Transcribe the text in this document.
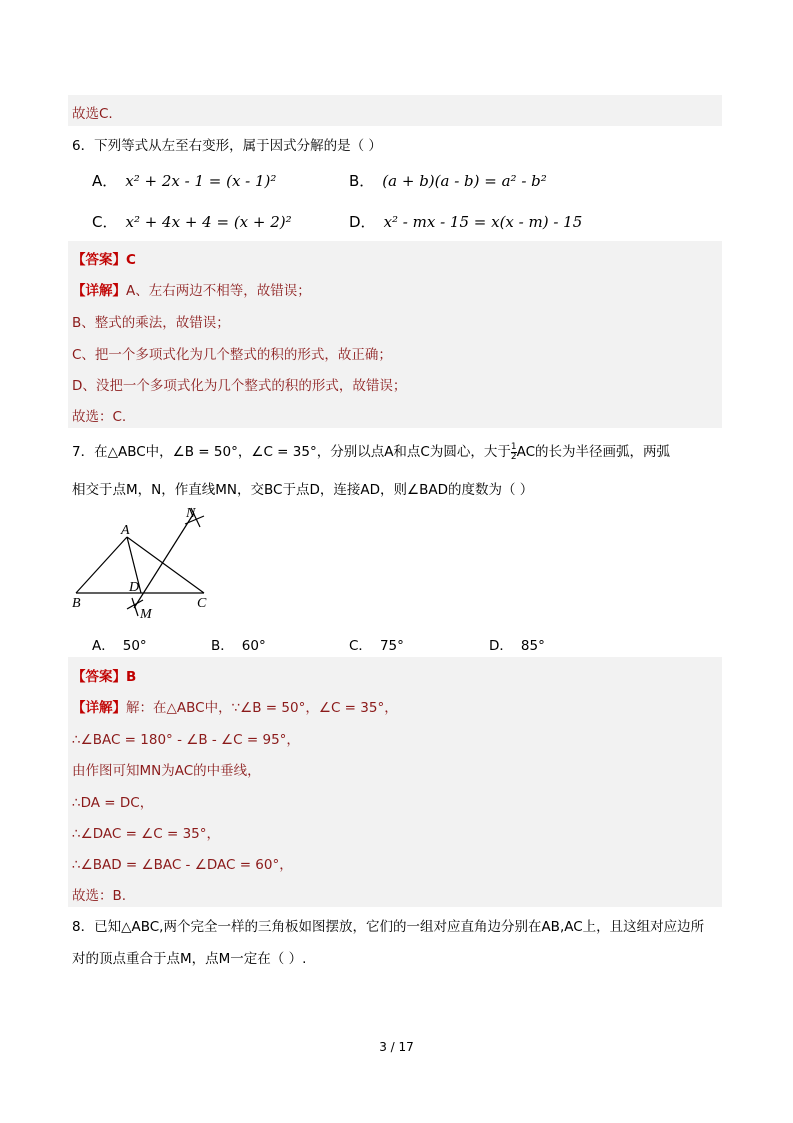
故选C.
6．下列等式从左至右变形，属于因式分解的是（ ）
A． x² + 2x - 1 = (x - 1)²	B． (a + b)(a - b) = a² - b²
C． x² + 4x + 4 = (x + 2)²	D． x² - mx - 15 = x(x - m) - 15
【答案】C
【详解】A、左右两边不相等，故错误；
B、整式的乘法，故错误；
C、把一个多项式化为几个整式的积的形式，故正确；
D、没把一个多项式化为几个整式的积的形式，故错误；
故选：C.
7．在△ABC中，∠B = 50°，∠C = 35°，分别以点A和点C为圆心，大于 $\frac{1}{2}$ AC的长为半径画弧，两弧
相交于点M，N，作直线MN，交BC于点D，连接AD，则∠BAD的度数为（ ）
A
B	C
D
M
N
A． 50°	B． 60°	C． 75°	D． 85°
【答案】B
【详解】解：在△ABC中，∵∠B = 50°，∠C = 35°，
∴∠BAC = 180° - ∠B - ∠C = 95°，
由作图可知MN为AC的中垂线，
∴DA = DC，
∴∠DAC = ∠C = 35°，
∴∠BAD = ∠BAC - ∠DAC = 60°，
故选：B.
8．已知△ABC,两个完全一样的三角板如图摆放，它们的一组对应直角边分别在AB,AC上，且这组对应边所
对的顶点重合于点M，点M一定在（ ）.
3 / 17
